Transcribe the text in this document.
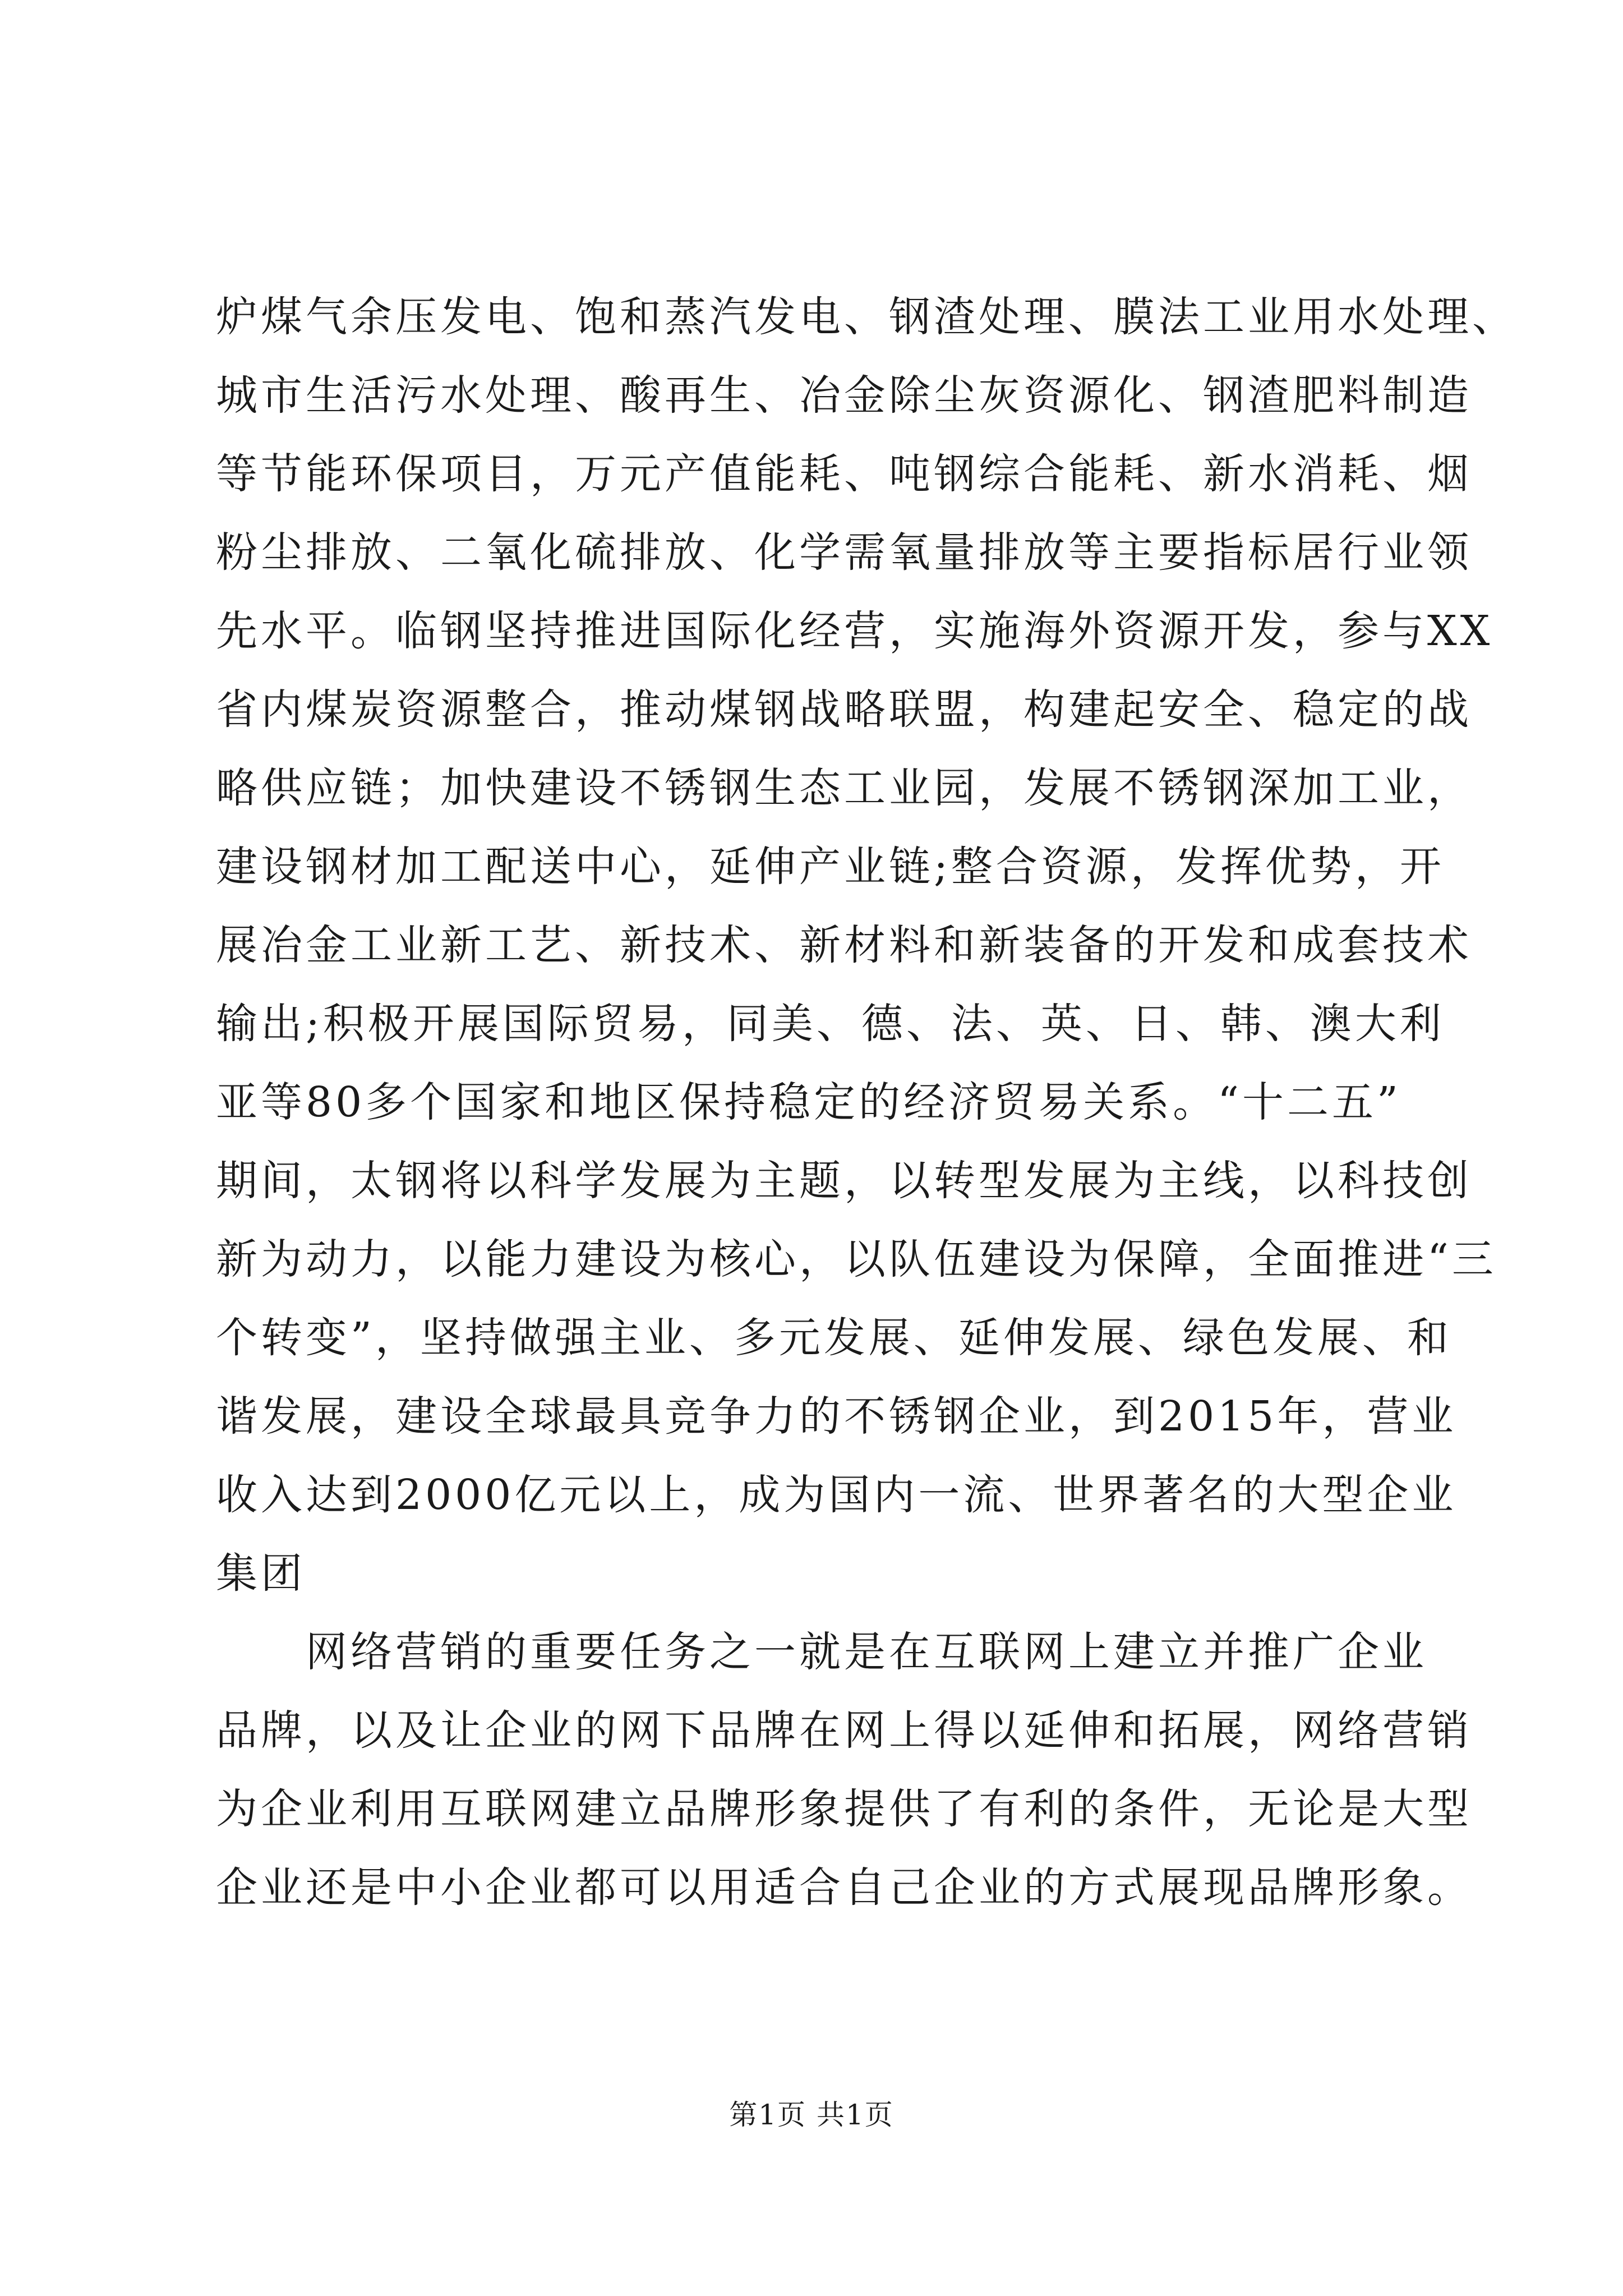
炉煤气余压发电、饱和蒸汽发电、钢渣处理、膜法工业用水处理、
城市生活污水处理、酸再生、冶金除尘灰资源化、钢渣肥料制造
等节能环保项目，万元产值能耗、吨钢综合能耗、新水消耗、烟
粉尘排放、二氧化硫排放、化学需氧量排放等主要指标居行业领
先水平。临钢坚持推进国际化经营，实施海外资源开发，参与XX
省内煤炭资源整合，推动煤钢战略联盟，构建起安全、稳定的战
略供应链；加快建设不锈钢生态工业园，发展不锈钢深加工业，
建设钢材加工配送中心，延伸产业链;整合资源，发挥优势，开
展冶金工业新工艺、新技术、新材料和新装备的开发和成套技术
输出;积极开展国际贸易，同美、德、法、英、日、韩、澳大利
亚等80多个国家和地区保持稳定的经济贸易关系。“十二五”
期间，太钢将以科学发展为主题，以转型发展为主线，以科技创
新为动力，以能力建设为核心，以队伍建设为保障，全面推进“三
个转变”，坚持做强主业、多元发展、延伸发展、绿色发展、和
谐发展，建设全球最具竞争力的不锈钢企业，到2015年，营业
收入达到2000亿元以上，成为国内一流、世界著名的大型企业
集团
网络营销的重要任务之一就是在互联网上建立并推广企业
品牌，以及让企业的网下品牌在网上得以延伸和拓展，网络营销
为企业利用互联网建立品牌形象提供了有利的条件，无论是大型
企业还是中小企业都可以用适合自己企业的方式展现品牌形象。
第1页 共1页
